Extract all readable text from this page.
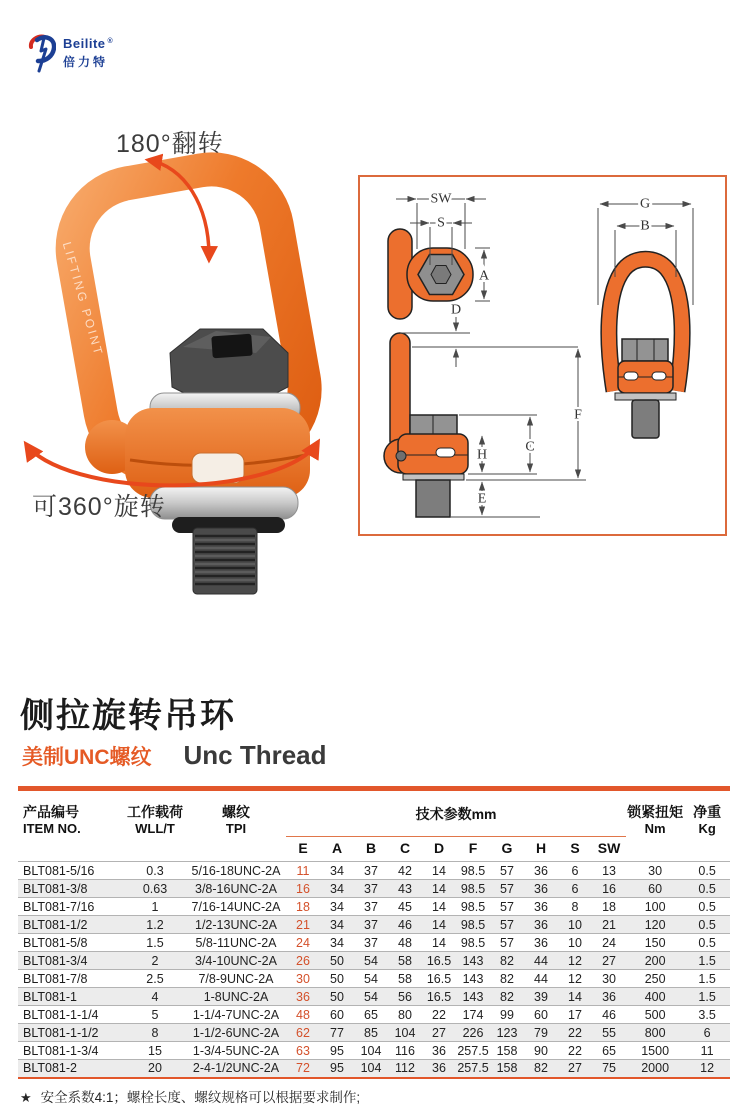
Beilite ®
倍力特
180°翻转
LIFTING POINT
可360°旋转
SW
S
A
D
F
C
H
E
G
B
侧拉旋转吊环
美制UNC螺纹 Unc Thread
产品编号
ITEM NO.

工作载荷
WLL/T

螺纹
TPI
	技术参数mm	锁紧扭矩
Nm

净重
Kg

			E	A	B	C	D	F	G	H	S	SW		
BLT081-5/16	0.3	5/16-18UNC-2A	11	34	37	42	14	98.5	57	36	6	13	30	0.5
BLT081-3/8	0.63	3/8-16UNC-2A	16	34	37	43	14	98.5	57	36	6	16	60	0.5
BLT081-7/16	1	7/16-14UNC-2A	18	34	37	45	14	98.5	57	36	8	18	100	0.5
BLT081-1/2	1.2	1/2-13UNC-2A	21	34	37	46	14	98.5	57	36	10	21	120	0.5
BLT081-5/8	1.5	5/8-11UNC-2A	24	34	37	48	14	98.5	57	36	10	24	150	0.5
BLT081-3/4	2	3/4-10UNC-2A	26	50	54	58	16.5	143	82	44	12	27	200	1.5
BLT081-7/8	2.5	7/8-9UNC-2A	30	50	54	58	16.5	143	82	44	12	30	250	1.5
BLT081-1	4	1-8UNC-2A	36	50	54	56	16.5	143	82	39	14	36	400	1.5
BLT081-1-1/4	5	1-1/4-7UNC-2A	48	60	65	80	22	174	99	60	17	46	500	3.5
BLT081-1-1/2	8	1-1/2-6UNC-2A	62	77	85	104	27	226	123	79	22	55	800	6
BLT081-1-3/4	15	1-3/4-5UNC-2A	63	95	104	116	36	257.5	158	90	22	65	1500	11
BLT081-2	20	2-4-1/2UNC-2A	72	95	104	112	36	257.5	158	82	27	75	2000	12
★ 安全系数4:1；螺栓长度、螺纹规格可以根据要求制作;
